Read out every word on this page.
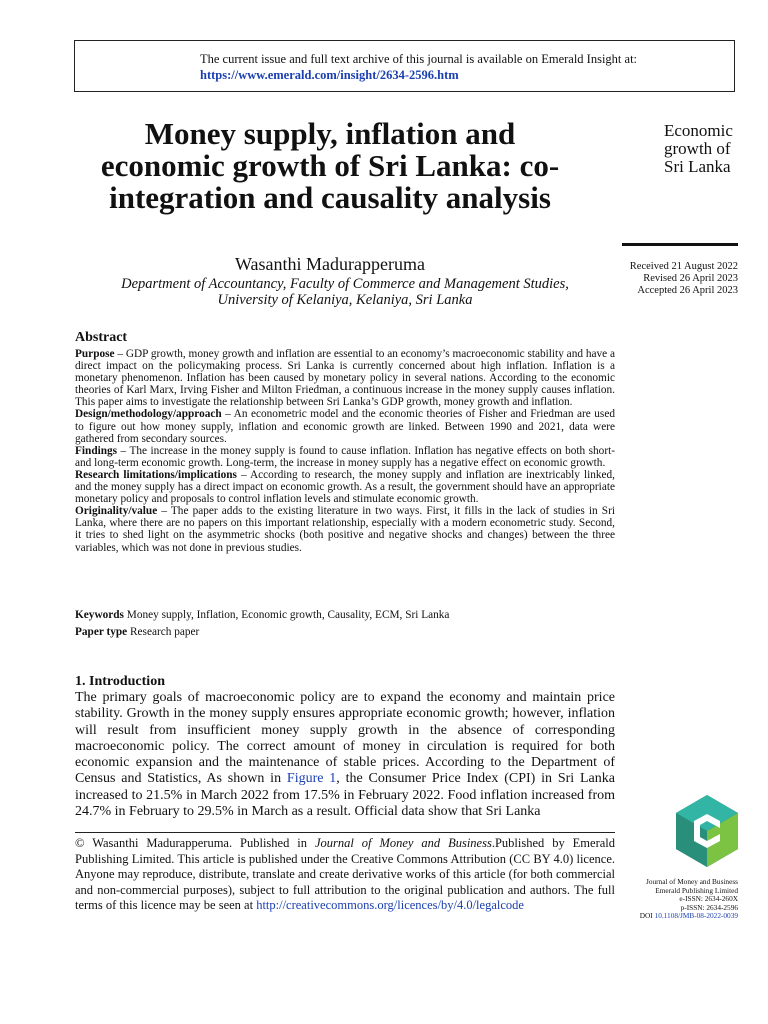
The current issue and full text archive of this journal is available on Emerald Insight at:
https://www.emerald.com/insight/2634-2596.htm
Money supply, inflation and economic growth of Sri Lanka: co-integration and causality analysis
Economic
growth of
Sri Lanka
Received 21 August 2022
Revised 26 April 2023
Accepted 26 April 2023
Wasanthi Madurapperuma
Department of Accountancy, Faculty of Commerce and Management Studies,
University of Kelaniya, Kelaniya, Sri Lanka
Abstract

Purpose – GDP growth, money growth and inflation are essential to an economy’s macroeconomic stability and have a direct impact on the policymaking process. Sri Lanka is currently concerned about high inflation. Inflation is a monetary phenomenon. Inflation has been caused by monetary policy in several nations. According to the economic theories of Karl Marx, Irving Fisher and Milton Friedman, a continuous increase in the money supply causes inflation. This paper aims to investigate the relationship between Sri Lanka’s GDP growth, money growth and inflation.

Design/methodology/approach – An econometric model and the economic theories of Fisher and Friedman are used to figure out how money supply, inflation and economic growth are linked. Between 1990 and 2021, data were gathered from secondary sources.

Findings – The increase in the money supply is found to cause inflation. Inflation has negative effects on both short- and long-term economic growth. Long-term, the increase in money supply has a negative effect on economic growth.

Research limitations/implications – According to research, the money supply and inflation are inextricably linked, and the money supply has a direct impact on economic growth. As a result, the government should have an appropriate monetary policy and proposals to control inflation levels and stimulate economic growth.

Originality/value – The paper adds to the existing literature in two ways. First, it fills in the lack of studies in Sri Lanka, where there are no papers on this important relationship, especially with a modern econometric study. Second, it tries to shed light on the asymmetric shocks (both positive and negative shocks and changes) between the three variables, which was not done in previous studies.

Keywords Money supply, Inflation, Economic growth, Causality, ECM, Sri Lanka
Paper type Research paper
1. Introduction

The primary goals of macroeconomic policy are to expand the economy and maintain price stability. Growth in the money supply ensures appropriate economic growth; however, inflation will result from insufficient money supply growth in the absence of corresponding macroeconomic policy. The correct amount of money in circulation is required for both economic expansion and the maintenance of stable prices. According to the Department of Census and Statistics, As shown in Figure 1, the Consumer Price Index (CPI) in Sri Lanka increased to 21.5% in March 2022 from 17.5% in February 2022. Food inflation increased from 24.7% in February to 29.5% in March as a result. Official data show that Sri Lanka

© Wasanthi Madurapperuma. Published in Journal of Money and Business.Published by Emerald Publishing Limited. This article is published under the Creative Commons Attribution (CC BY 4.0) licence. Anyone may reproduce, distribute, translate and create derivative works of this article (for both commercial and non-commercial purposes), subject to full attribution to the original publication and authors. The full terms of this licence may be seen at http://creativecommons.org/licences/by/4.0/legalcode

Journal of Money and Business
Emerald Publishing Limited
e-ISSN: 2634-260X
p-ISSN: 2634-2596
DOI 10.1108/JMB-08-2022-0039
